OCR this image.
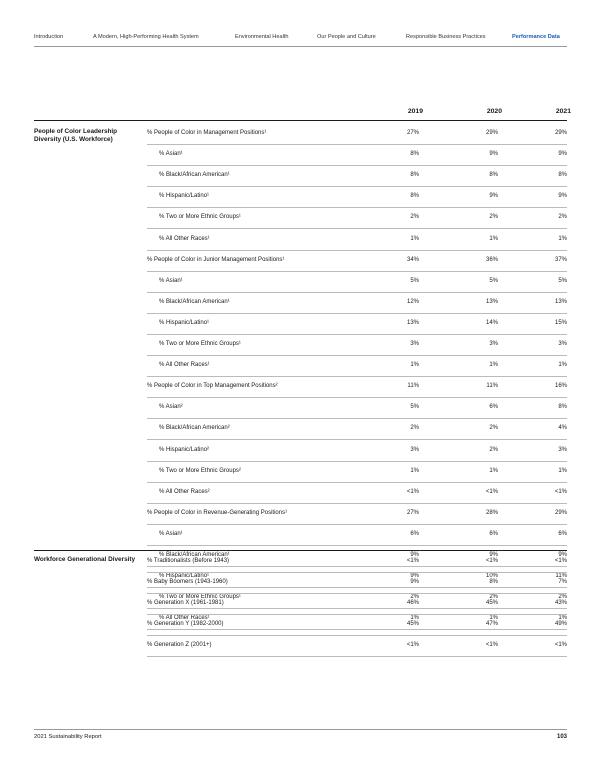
Introduction	A Modern, High-Performing Health System	Environmental Health	Our People and Culture	Responsible Business Practices	Performance Data
2019	2020	2021
People of Color Leadership Diversity (U.S. Workforce)
% People of Color in Management Positions¹	27%	29%	29%
% Asian¹	8%	9%	9%
% Black/African American¹	8%	8%	8%
% Hispanic/Latino¹	8%	9%	9%
% Two or More Ethnic Groups¹	2%	2%	2%
% All Other Races¹	1%	1%	1%
% People of Color in Junior Management Positions¹	34%	36%	37%
% Asian¹	5%	5%	5%
% Black/African American¹	12%	13%	13%
% Hispanic/Latino¹	13%	14%	15%
% Two or More Ethnic Groups¹	3%	3%	3%
% All Other Races¹	1%	1%	1%
% People of Color in Top Management Positions²	11%	11%	16%
% Asian²	5%	6%	8%
% Black/African American²	2%	2%	4%
% Hispanic/Latino²	3%	2%	3%
% Two or More Ethnic Groups²	1%	1%	1%
% All Other Races²	<1%	<1%	<1%
% People of Color in Revenue-Generating Positions¹	27%	28%	29%
% Asian¹	6%	6%	6%
% Black/African American¹	9%	9%	9%
% Hispanic/Latino¹	9%	10%	11%
% Two or More Ethnic Groups¹	2%	2%	2%
% All Other Races¹	1%	1%	1%
Workforce Generational Diversity	% Traditionalists (Before 1943)	<1%	<1%	<1%
% Baby Boomers (1943-1960)	9%	8%	7%
% Generation X (1961-1981)	46%	45%	43%
% Generation Y (1982-2000)	45%	47%	49%
% Generation Z (2001+)	<1%	<1%	<1%
2021 Sustainability Report	103
